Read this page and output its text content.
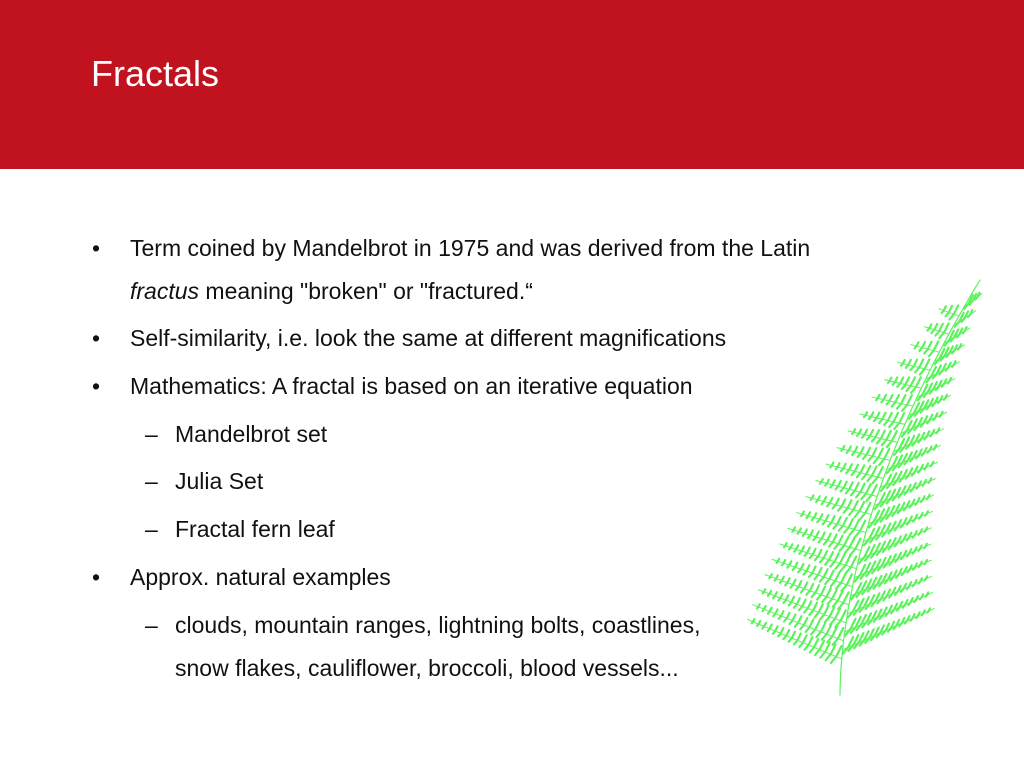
Fractals
• Term coined by Mandelbrot in 1975 and was derived from the Latin
fractus meaning "broken" or "fractured.“
• Self-similarity, i.e. look the same at different magnifications
• Mathematics: A fractal is based on an iterative equation
– Mandelbrot set
– Julia Set
– Fractal fern leaf
• Approx. natural examples
– clouds, mountain ranges, lightning bolts, coastlines,
snow flakes, cauliflower, broccoli, blood vessels...
